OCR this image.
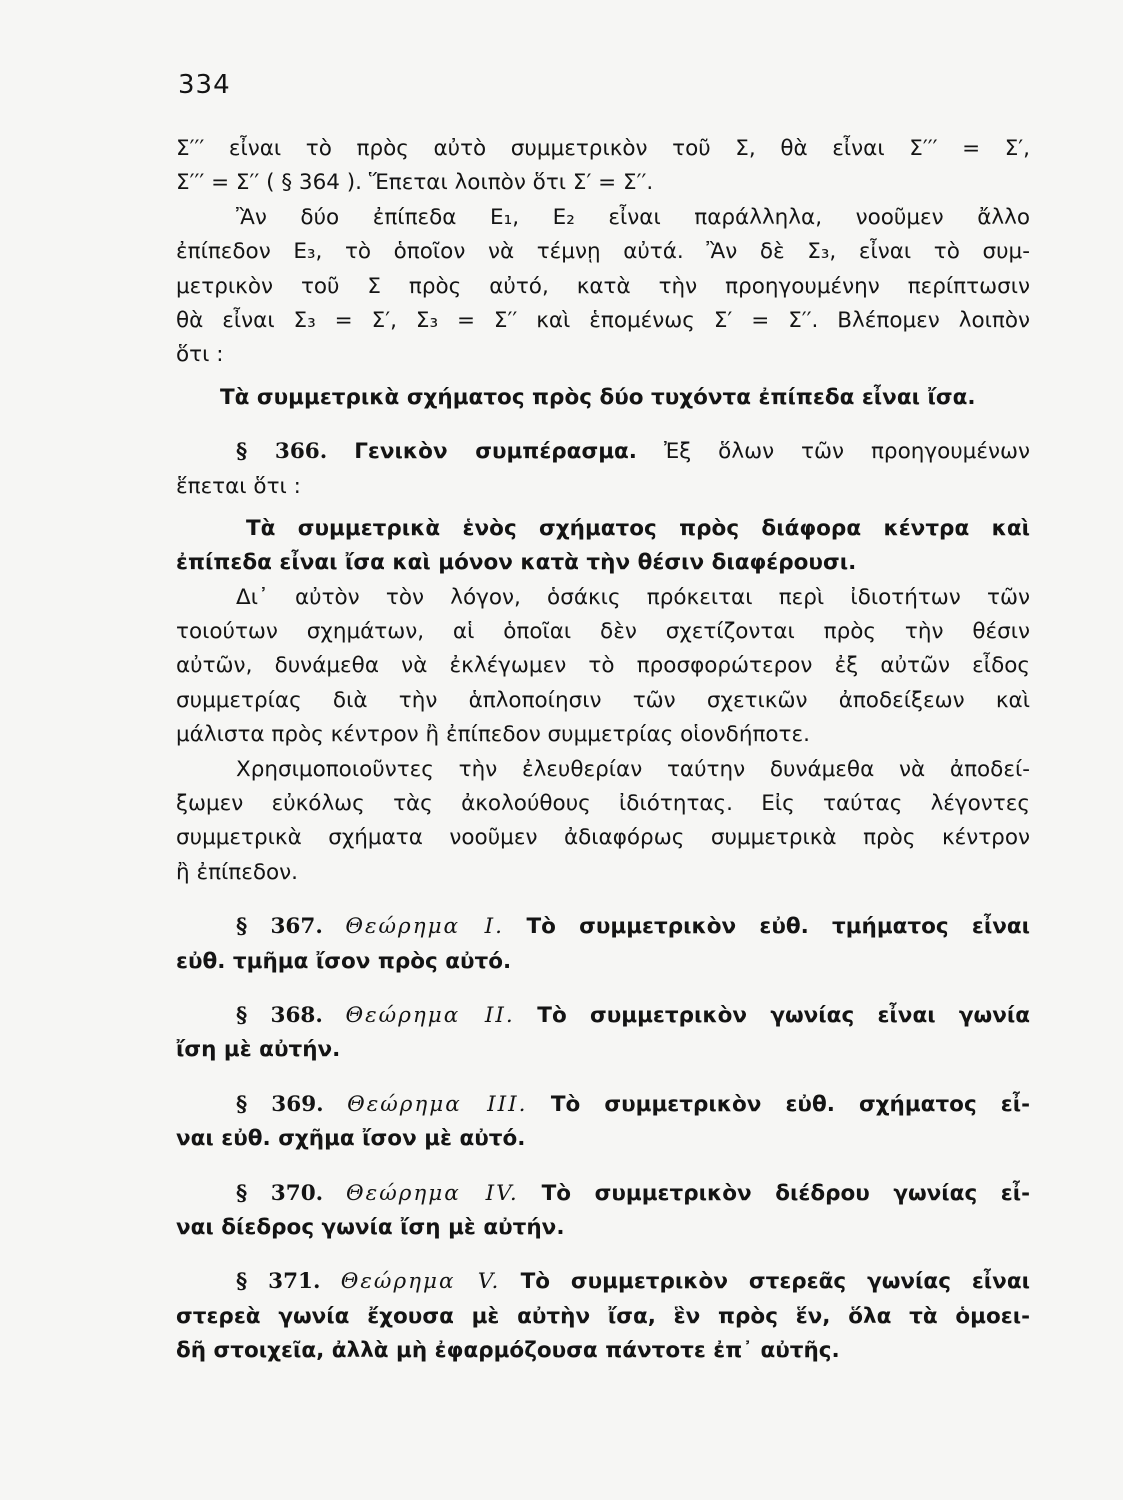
334
Σ′′′ εἶναι τὸ πρὸς αὐτὸ συμμετρικὸν τοῦ Σ, θὰ εἶναι Σ′′′ = Σ′,
Σ′′′ = Σ′′ ( § 364 ). Ἕπεται λοιπὸν ὅτι Σ′ = Σ′′.
Ἂν δύο ἐπίπεδα Ε₁, Ε₂ εἶναι παράλληλα, νοοῦμεν ἄλλο
ἐπίπεδον Ε₃, τὸ ὁποῖον νὰ τέμνῃ αὐτά. Ἂν δὲ Σ₃, εἶναι τὸ συμ-
μετρικὸν τοῦ Σ πρὸς αὐτό, κατὰ τὴν προηγουμένην περίπτωσιν
θὰ εἶναι Σ₃ = Σ′, Σ₃ = Σ′′ καὶ ἑπομένως Σ′ = Σ′′. Βλέπομεν λοιπὸν
ὅτι :
Τὰ συμμετρικὰ σχήματος πρὸς δύο τυχόντα ἐπίπεδα εἶναι ἴσα.
§ 366. Γενικὸν συμπέρασμα. Ἐξ ὅλων τῶν προηγουμένων
ἕπεται ὅτι :
Τὰ συμμετρικὰ ἑνὸς σχήματος πρὸς διάφορα κέντρα καὶ
ἐπίπεδα εἶναι ἴσα καὶ μόνον κατὰ τὴν θέσιν διαφέρουσι.
Δι᾽ αὐτὸν τὸν λόγον, ὁσάκις πρόκειται περὶ ἰδιοτήτων τῶν
τοιούτων σχημάτων, αἱ ὁποῖαι δὲν σχετίζονται πρὸς τὴν θέσιν
αὐτῶν, δυνάμεθα νὰ ἐκλέγωμεν τὸ προσφορώτερον ἐξ αὐτῶν εἶδος
συμμετρίας διὰ τὴν ἁπλοποίησιν τῶν σχετικῶν ἀποδείξεων καὶ
μάλιστα πρὸς κέντρον ἢ ἐπίπεδον συμμετρίας οἱονδήποτε.
Χρησιμοποιοῦντες τὴν ἐλευθερίαν ταύτην δυνάμεθα νὰ ἀποδεί-
ξωμεν εὐκόλως τὰς ἀκολούθους ἰδιότητας. Εἰς ταύτας λέγοντες
συμμετρικὰ σχήματα νοοῦμεν ἀδιαφόρως συμμετρικὰ πρὸς κέντρον
ἢ ἐπίπεδον.
§ 367. Θεώρημα Ι. Τὸ συμμετρικὸν εὐθ. τμήματος εἶναι
εὐθ. τμῆμα ἴσον πρὸς αὐτό.
§ 368. Θεώρημα ΙΙ. Τὸ συμμετρικὸν γωνίας εἶναι γωνία
ἴση μὲ αὐτήν.
§ 369. Θεώρημα ΙΙΙ. Τὸ συμμετρικὸν εὐθ. σχήματος εἶ-
ναι εὐθ. σχῆμα ἴσον μὲ αὐτό.
§ 370. Θεώρημα IV. Τὸ συμμετρικὸν διέδρου γωνίας εἶ-
ναι δίεδρος γωνία ἴση μὲ αὐτήν.
§ 371. Θεώρημα V. Τὸ συμμετρικὸν στερεᾶς γωνίας εἶναι
στερεὰ γωνία ἔχουσα μὲ αὐτὴν ἴσα, ἓν πρὸς ἕν, ὅλα τὰ ὁμοει-
δῆ στοιχεῖα, ἀλλὰ μὴ ἐφαρμόζουσα πάντοτε ἐπ᾽ αὐτῆς.
